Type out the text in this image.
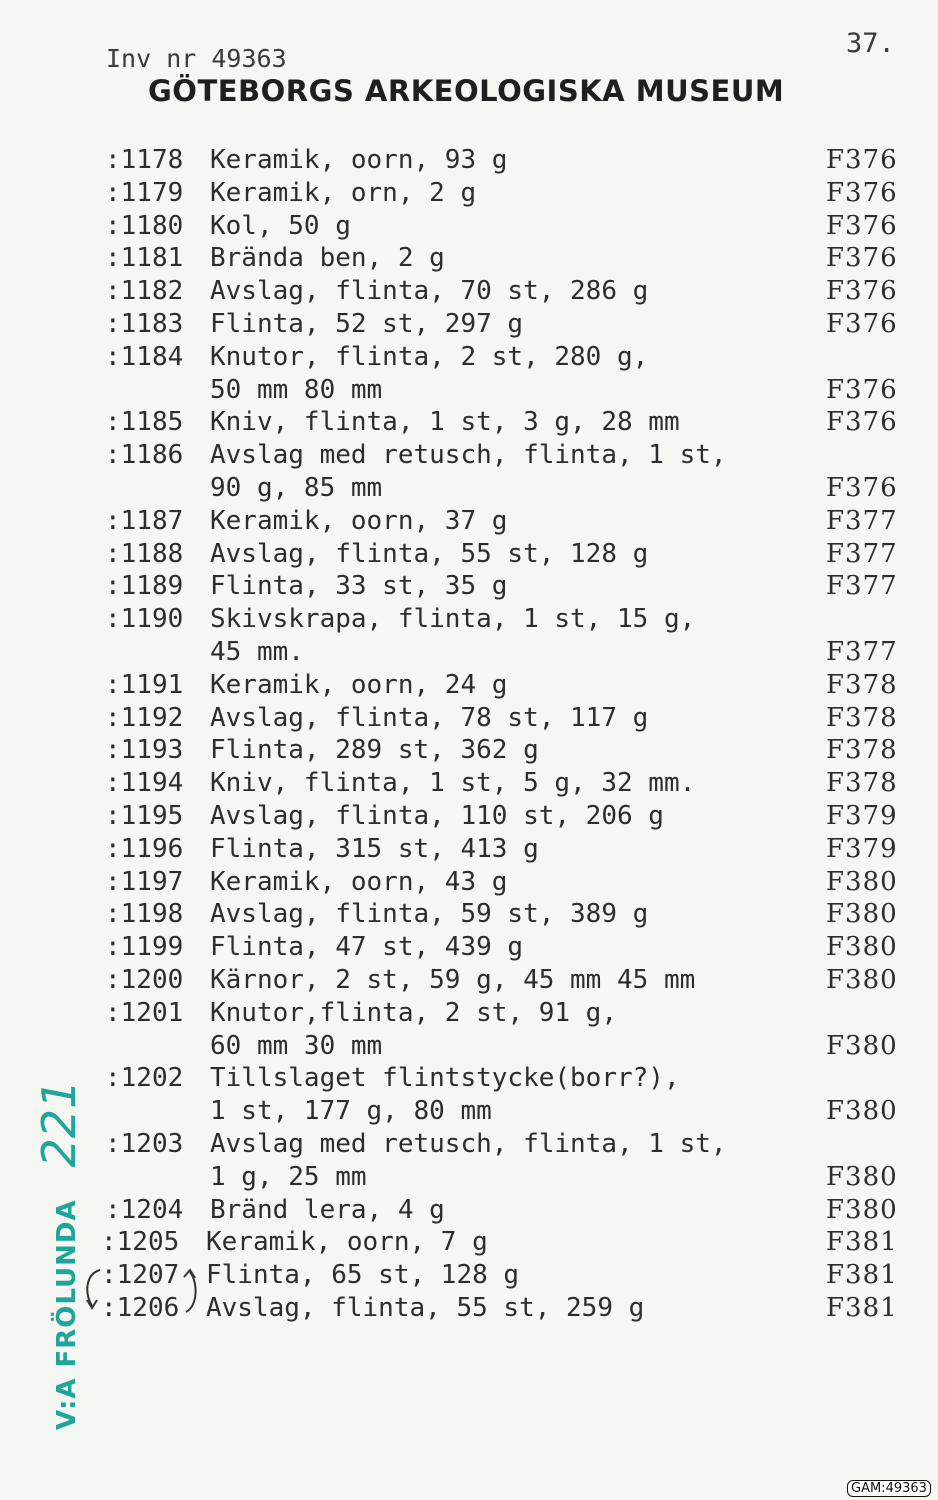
37.
Inv nr 49363
GÖTEBORGS ARKEOLOGISKA MUSEUM
:1178 Keramik, oorn, 93 g	F376
:1179 Keramik, orn, 2 g	F376
:1180 Kol, 50 g	F376
:1181 Brända ben, 2 g	F376
:1182 Avslag, flinta, 70 st, 286 g	F376
:1183 Flinta, 52 st, 297 g	F376
:1184 Knutor, flinta, 2 st, 280 g,
50 mm 80 mm	F376
:1185 Kniv, flinta, 1 st, 3 g, 28 mm	F376
:1186 Avslag med retusch, flinta, 1 st,
90 g, 85 mm	F376
:1187 Keramik, oorn, 37 g	F377
:1188 Avslag, flinta, 55 st, 128 g	F377
:1189 Flinta, 33 st, 35 g	F377
:1190 Skivskrapa, flinta, 1 st, 15 g,
45 mm.	F377
:1191 Keramik, oorn, 24 g	F378
:1192 Avslag, flinta, 78 st, 117 g	F378
:1193 Flinta, 289 st, 362 g	F378
:1194 Kniv, flinta, 1 st, 5 g, 32 mm.	F378
:1195 Avslag, flinta, 110 st, 206 g	F379
:1196 Flinta, 315 st, 413 g	F379
:1197 Keramik, oorn, 43 g	F380
:1198 Avslag, flinta, 59 st, 389 g	F380
:1199 Flinta, 47 st, 439 g	F380
:1200 Kärnor, 2 st, 59 g, 45 mm 45 mm	F380
:1201 Knutor,flinta, 2 st, 91 g,
60 mm 30 mm	F380
:1202 Tillslaget flintstycke(borr?),
1 st, 177 g, 80 mm	F380
:1203 Avslag med retusch, flinta, 1 st,
1 g, 25 mm	F380
:1204 Bränd lera, 4 g	F380
:1205 Keramik, oorn, 7 g	F381
:1207 Flinta, 65 st, 128 g	F381
:1206 Avslag, flinta, 55 st, 259 g	F381
V:A FRÖLUNDA221
GAM:49363
